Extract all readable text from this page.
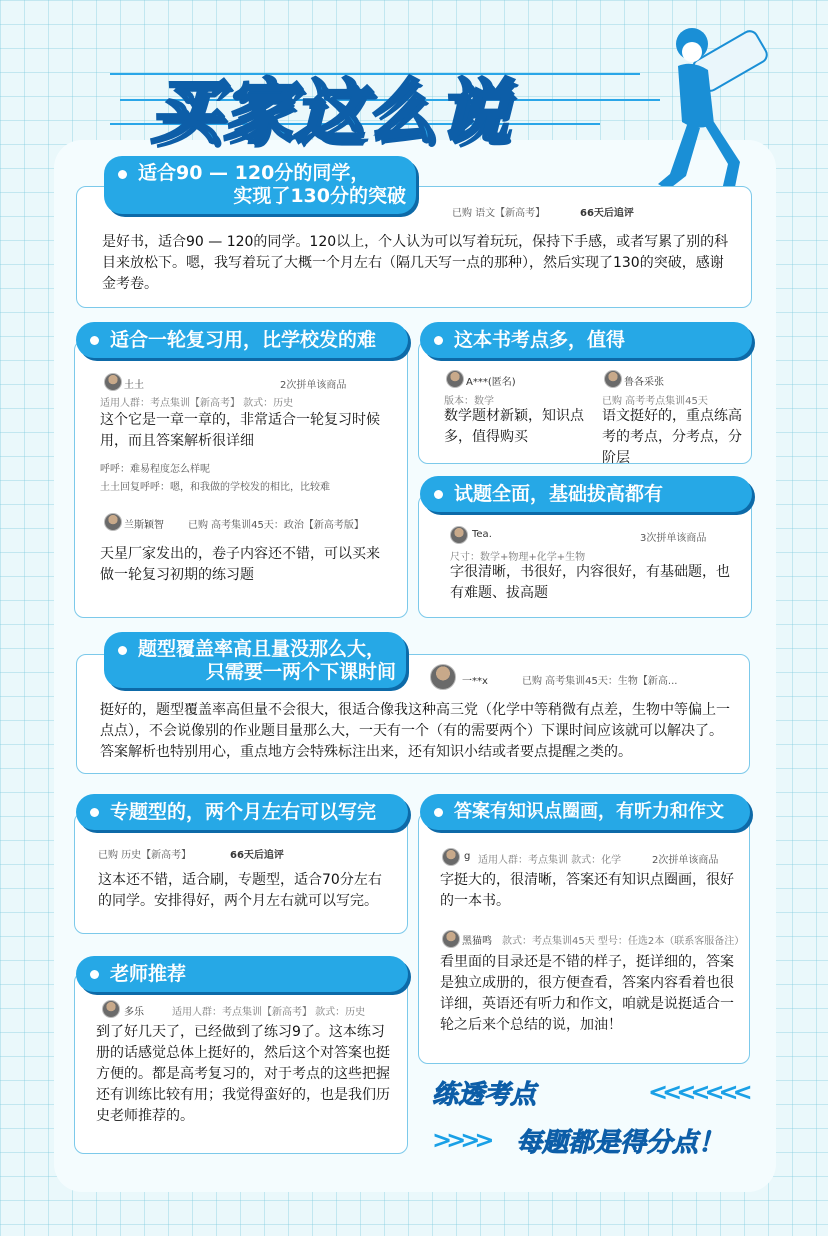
买家这么说
适合90 — 120分的同学，
实现了130分的突破
已购 语文【新高考】	66天后追评
是好书，适合90 — 120的同学。120以上，个人认为可以写着玩玩，保持下手感，或者写累了别的科目来放松下。嗯，我写着玩了大概一个月左右（隔几天写一点的那种），然后实现了130的突破，感谢金考卷。
适合一轮复习用，比学校发的难
土土	2次拼单该商品
适用人群：考点集训【新高考】 款式：历史
这个它是一章一章的，非常适合一轮复习时候用，而且答案解析很详细
呼呼：难易程度怎么样呢
土土回复呼呼：嗯，和我做的学校发的相比，比较难
兰斯颖智 已购 高考集训45天：政治【新高考版】
天星厂家发出的，卷子内容还不错，可以买来做一轮复习初期的练习题
这本书考点多，值得
A***(匿名)
版本：数学
数学题材新颖，知识点多，值得购买
鲁各采张
已购 高考考点集训45天
语文挺好的，重点练高考的考点，分考点，分阶层
试题全面，基础拔高都有
Tea.	3次拼单该商品
尺寸：数学+物理+化学+生物
字很清晰，书很好，内容很好，有基础题，也有难题、拔高题
题型覆盖率高且量没那么大，
只需要一两个下课时间	一**x	已购 高考集训45天：生物【新高...
挺好的，题型覆盖率高但量不会很大，很适合像我这种高三党（化学中等稍微有点差，生物中等偏上一点点），不会说像别的作业题目量那么大，一天有一个（有的需要两个）下课时间应该就可以解决了。答案解析也特别用心，重点地方会特殊标注出来，还有知识小结或者要点提醒之类的。
专题型的，两个月左右可以写完
已购 历史【新高考】	66天后追评
这本还不错，适合刷，专题型，适合70分左右的同学。安排得好，两个月左右就可以写完。
答案有知识点圈画，有听力和作文
g 适用人群：考点集训 款式：化学	2次拼单该商品
字挺大的，很清晰，答案还有知识点圈画，很好的一本书。
黑猫鸣 款式：考点集训45天 型号：任选2本（联系客服备注）
看里面的目录还是不错的样子，挺详细的，答案是独立成册的，很方便查看，答案内容看着也很详细，英语还有听力和作文，咱就是说挺适合一轮之后来个总结的说，加油！
老师推荐
多乐	适用人群：考点集训【新高考】 款式：历史
到了好几天了，已经做到了练习9了。这本练习册的话感觉总体上挺好的，然后这个对答案也挺方便的。都是高考复习的，对于考点的这些把握还有训练比较有用；我觉得蛮好的，也是我们历史老师推荐的。
练透考点	<<<<<<<
>>>> 每题都是得分点！
